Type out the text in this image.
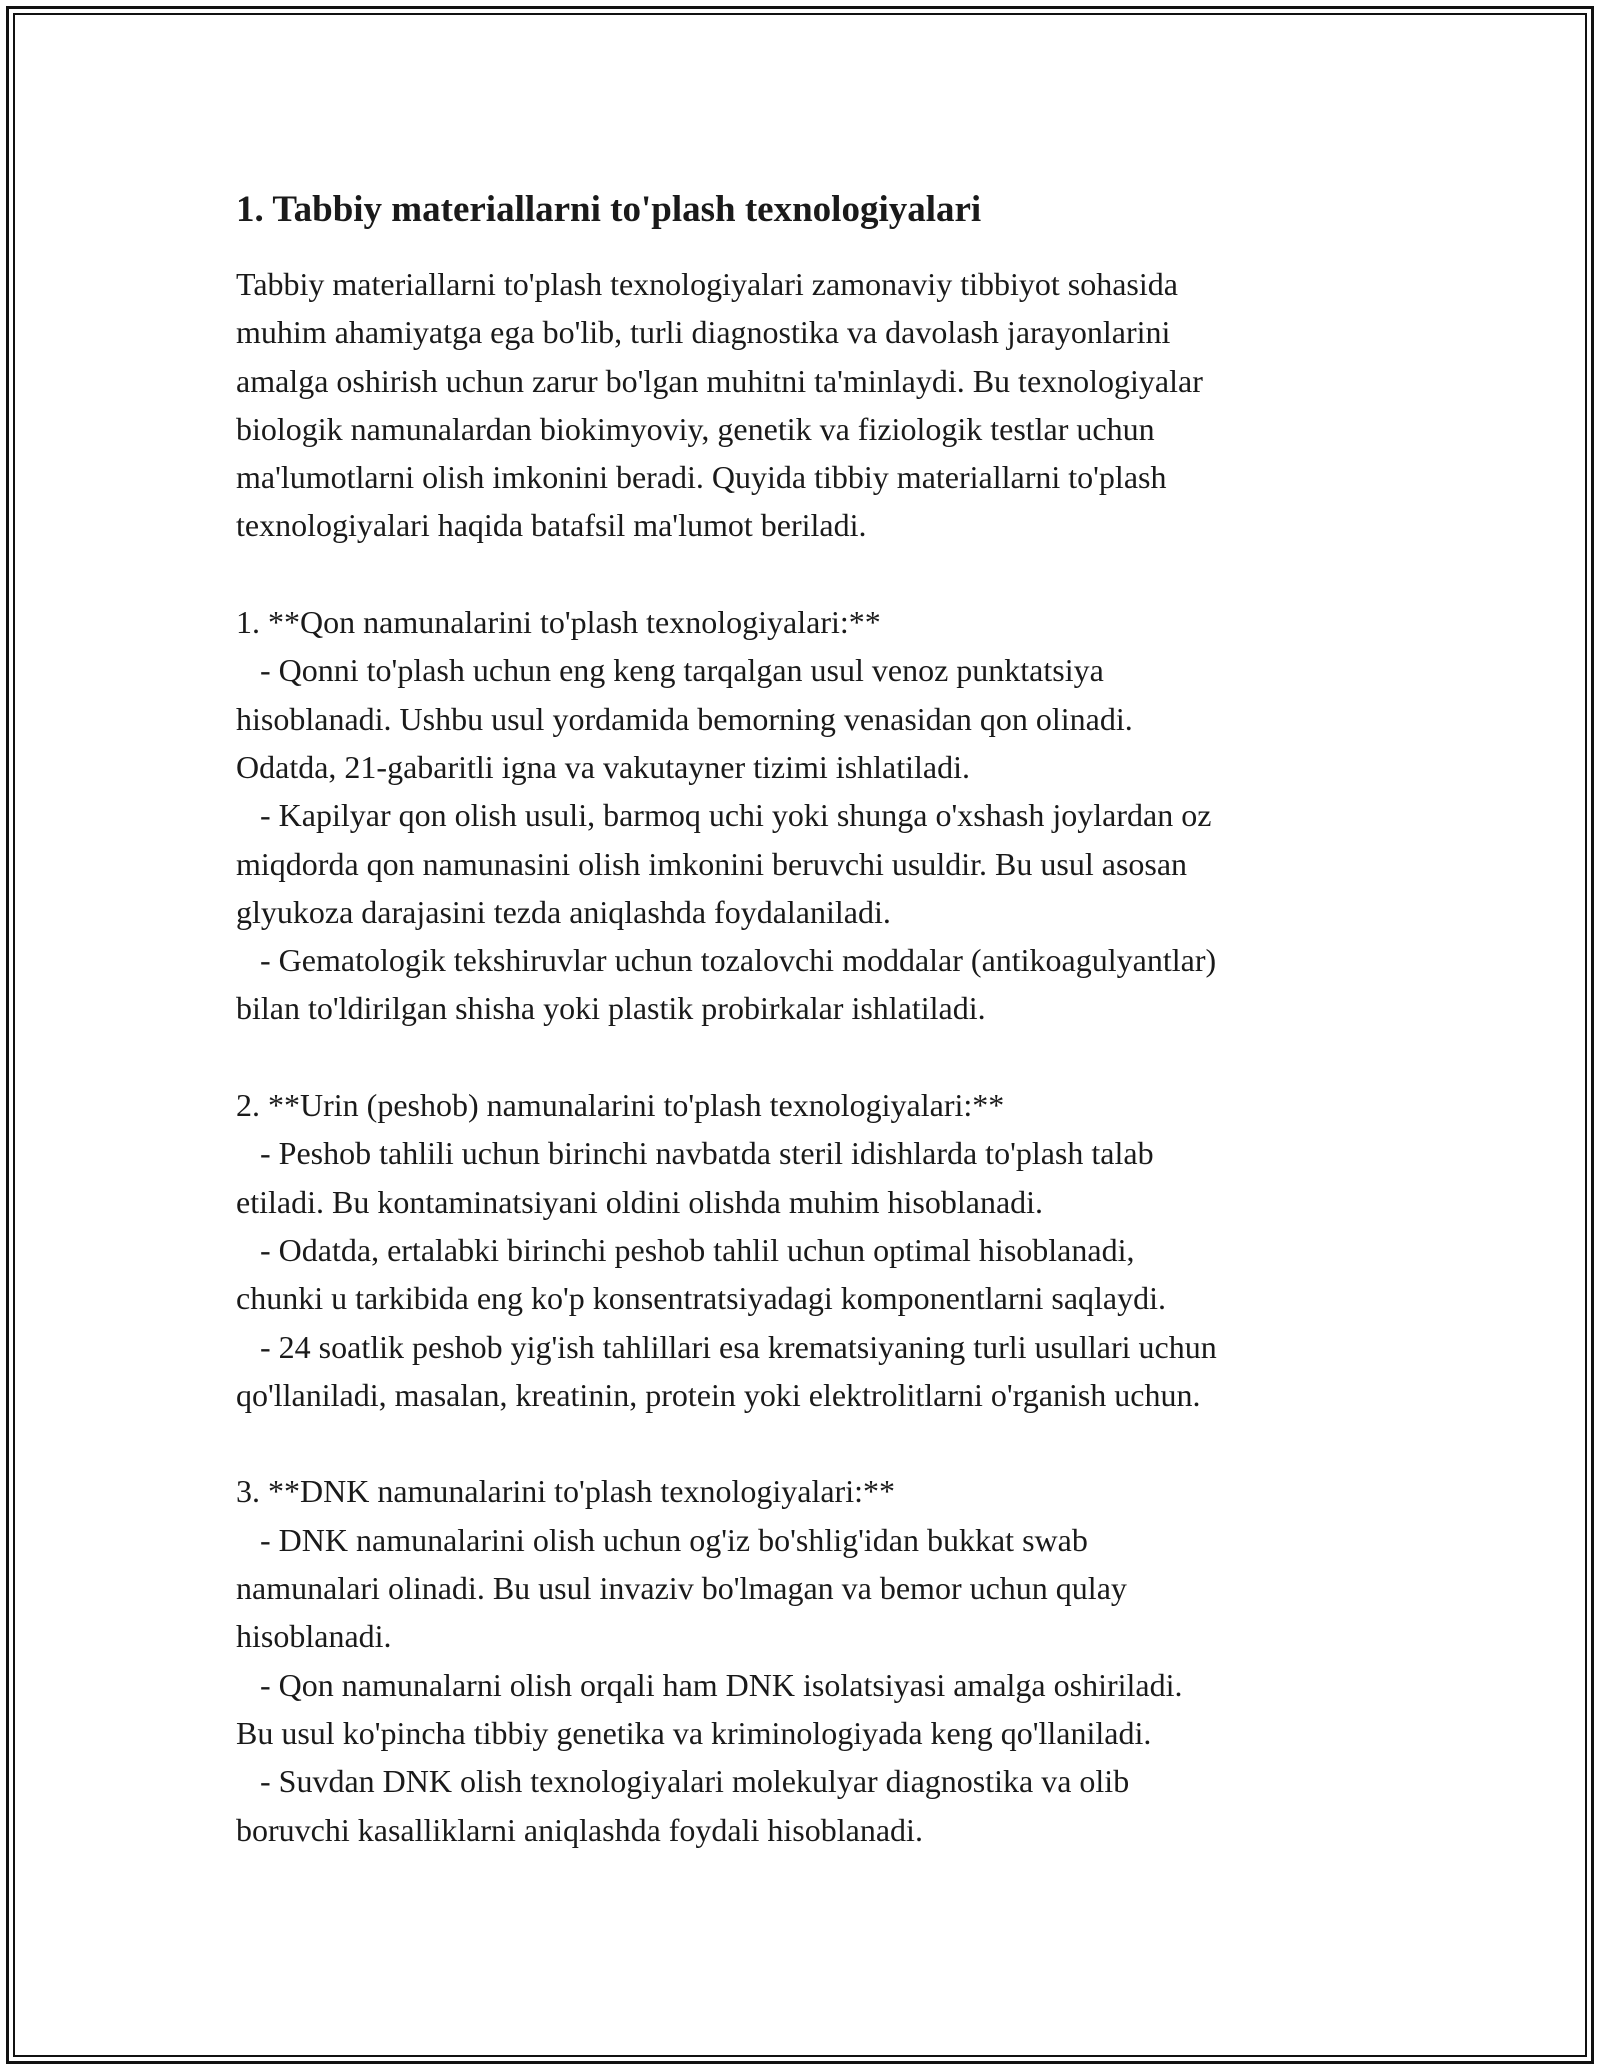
1. Tabbiy materiallarni to'plash texnologiyalari
Tabbiy materiallarni to'plash texnologiyalari zamonaviy tibbiyot sohasida
muhim ahamiyatga ega bo'lib, turli diagnostika va davolash jarayonlarini
amalga oshirish uchun zarur bo'lgan muhitni ta'minlaydi. Bu texnologiyalar
biologik namunalardan biokimyoviy, genetik va fiziologik testlar uchun
ma'lumotlarni olish imkonini beradi. Quyida tibbiy materiallarni to'plash
texnologiyalari haqida batafsil ma'lumot beriladi.
1. **Qon namunalarini to'plash texnologiyalari:**
- Qonni to'plash uchun eng keng tarqalgan usul venoz punktatsiya
hisoblanadi. Ushbu usul yordamida bemorning venasidan qon olinadi.
Odatda, 21-gabaritli igna va vakutayner tizimi ishlatiladi.
- Kapilyar qon olish usuli, barmoq uchi yoki shunga o'xshash joylardan oz
miqdorda qon namunasini olish imkonini beruvchi usuldir. Bu usul asosan
glyukoza darajasini tezda aniqlashda foydalaniladi.
- Gematologik tekshiruvlar uchun tozalovchi moddalar (antikoagulyantlar)
bilan to'ldirilgan shisha yoki plastik probirkalar ishlatiladi.
2. **Urin (peshob) namunalarini to'plash texnologiyalari:**
- Peshob tahlili uchun birinchi navbatda steril idishlarda to'plash talab
etiladi. Bu kontaminatsiyani oldini olishda muhim hisoblanadi.
- Odatda, ertalabki birinchi peshob tahlil uchun optimal hisoblanadi,
chunki u tarkibida eng ko'p konsentratsiyadagi komponentlarni saqlaydi.
- 24 soatlik peshob yig'ish tahlillari esa krematsiyaning turli usullari uchun
qo'llaniladi, masalan, kreatinin, protein yoki elektrolitlarni o'rganish uchun.
3. **DNK namunalarini to'plash texnologiyalari:**
- DNK namunalarini olish uchun og'iz bo'shlig'idan bukkat swab
namunalari olinadi. Bu usul invaziv bo'lmagan va bemor uchun qulay
hisoblanadi.
- Qon namunalarni olish orqali ham DNK isolatsiyasi amalga oshiriladi.
Bu usul ko'pincha tibbiy genetika va kriminologiyada keng qo'llaniladi.
- Suvdan DNK olish texnologiyalari molekulyar diagnostika va olib
boruvchi kasalliklarni aniqlashda foydali hisoblanadi.
